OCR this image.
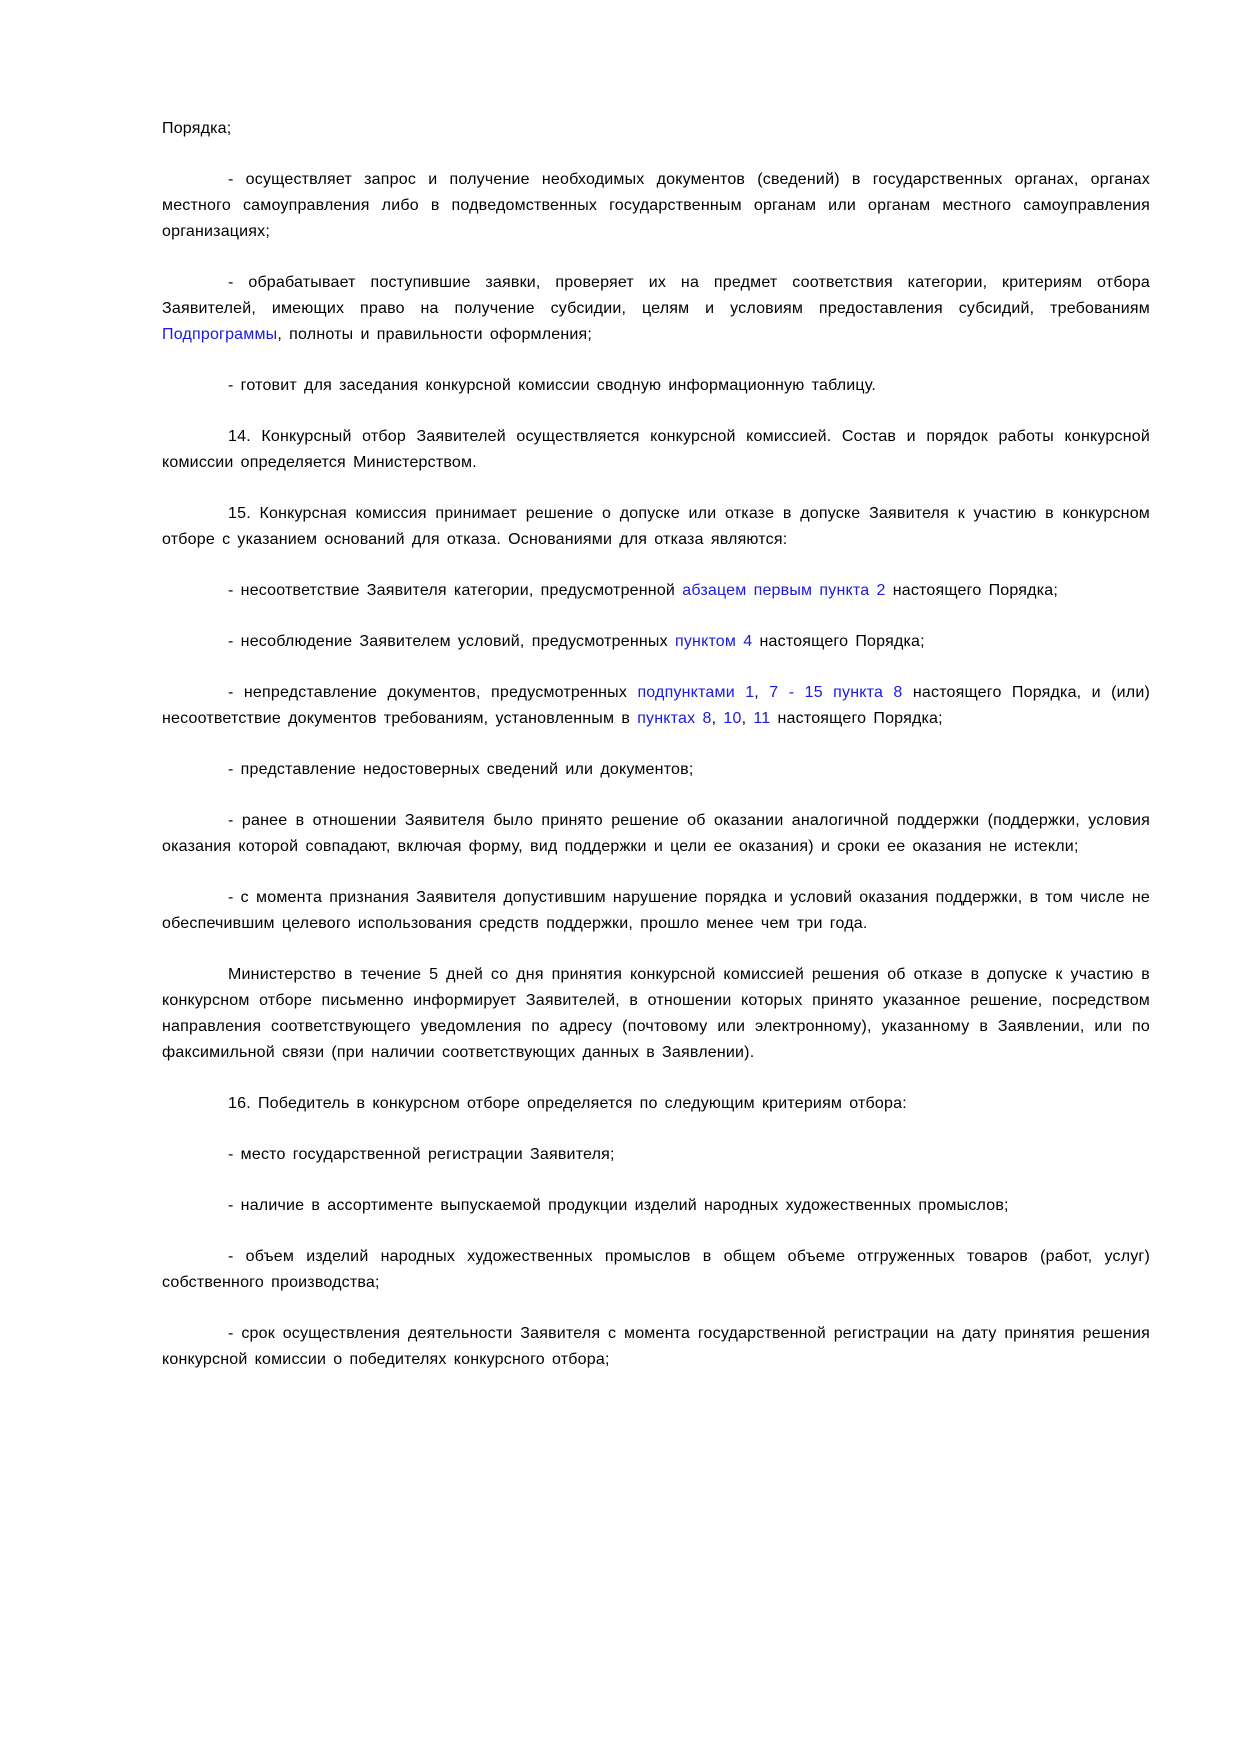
Порядка;

- осуществляет запрос и получение необходимых документов (сведений) в государственных органах, органах местного самоуправления либо в подведомственных государственным органам или органам местного самоуправления организациях;

- обрабатывает поступившие заявки, проверяет их на предмет соответствия категории, критериям отбора Заявителей, имеющих право на получение субсидии, целям и условиям предоставления субсидий, требованиям Подпрограммы, полноты и правильности оформления;

- готовит для заседания конкурсной комиссии сводную информационную таблицу.

14. Конкурсный отбор Заявителей осуществляется конкурсной комиссией. Состав и порядок работы конкурсной комиссии определяется Министерством.

15. Конкурсная комиссия принимает решение о допуске или отказе в допуске Заявителя к участию в конкурсном отборе с указанием оснований для отказа. Основаниями для отказа являются:

- несоответствие Заявителя категории, предусмотренной абзацем первым пункта 2 настоящего Порядка;

- несоблюдение Заявителем условий, предусмотренных пунктом 4 настоящего Порядка;

- непредставление документов, предусмотренных подпунктами 1, 7 - 15 пункта 8 настоящего Порядка, и (или) несоответствие документов требованиям, установленным в пунктах 8, 10, 11 настоящего Порядка;

- представление недостоверных сведений или документов;

- ранее в отношении Заявителя было принято решение об оказании аналогичной поддержки (поддержки, условия оказания которой совпадают, включая форму, вид поддержки и цели ее оказания) и сроки ее оказания не истекли;

- с момента признания Заявителя допустившим нарушение порядка и условий оказания поддержки, в том числе не обеспечившим целевого использования средств поддержки, прошло менее чем три года.

Министерство в течение 5 дней со дня принятия конкурсной комиссией решения об отказе в допуске к участию в конкурсном отборе письменно информирует Заявителей, в отношении которых принято указанное решение, посредством направления соответствующего уведомления по адресу (почтовому или электронному), указанному в Заявлении, или по факсимильной связи (при наличии соответствующих данных в Заявлении).

16. Победитель в конкурсном отборе определяется по следующим критериям отбора:

- место государственной регистрации Заявителя;

- наличие в ассортименте выпускаемой продукции изделий народных художественных промыслов;

- объем изделий народных художественных промыслов в общем объеме отгруженных товаров (работ, услуг) собственного производства;

- срок осуществления деятельности Заявителя с момента государственной регистрации на дату принятия решения конкурсной комиссии о победителях конкурсного отбора;
